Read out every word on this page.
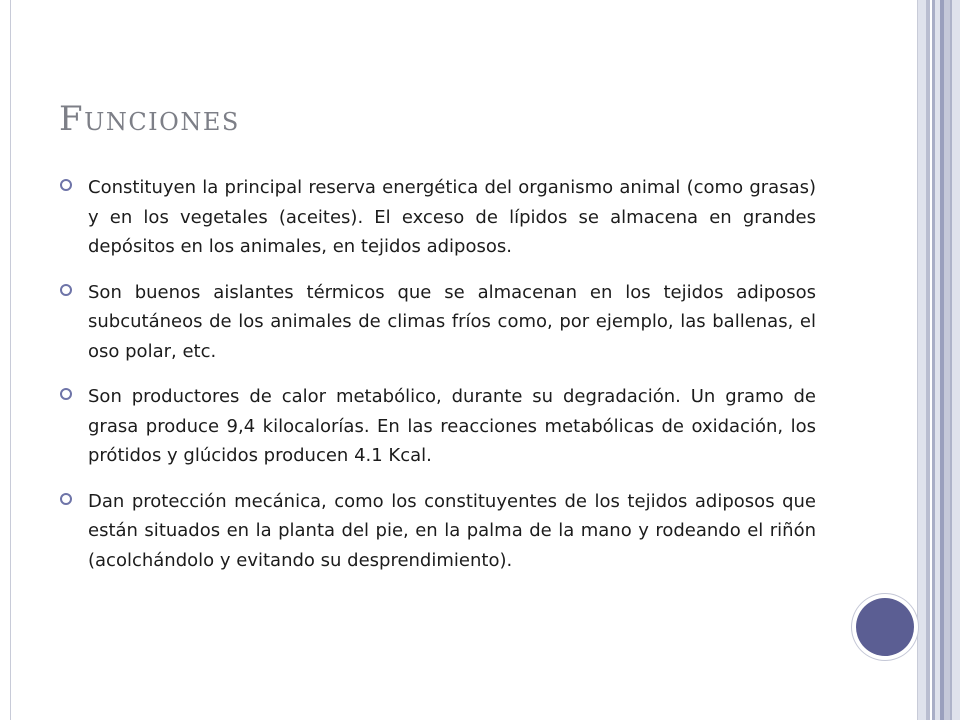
Funciones
Constituyen la principal reserva energética del organismo animal (como grasas) y en los vegetales (aceites). El exceso de lípidos se almacena en grandes depósitos en los animales, en tejidos adiposos.
Son buenos aislantes térmicos que se almacenan en los tejidos adiposos subcutáneos de los animales de climas fríos como, por ejemplo, las ballenas, el oso polar, etc.
Son productores de calor metabólico, durante su degradación. Un gramo de grasa produce 9,4 kilocalorías. En las reacciones metabólicas de oxidación, los prótidos y glúcidos producen 4.1 Kcal.
Dan protección mecánica, como los constituyentes de los tejidos adiposos que están situados en la planta del pie, en la palma de la mano y rodeando el riñón (acolchándolo y evitando su desprendimiento).
